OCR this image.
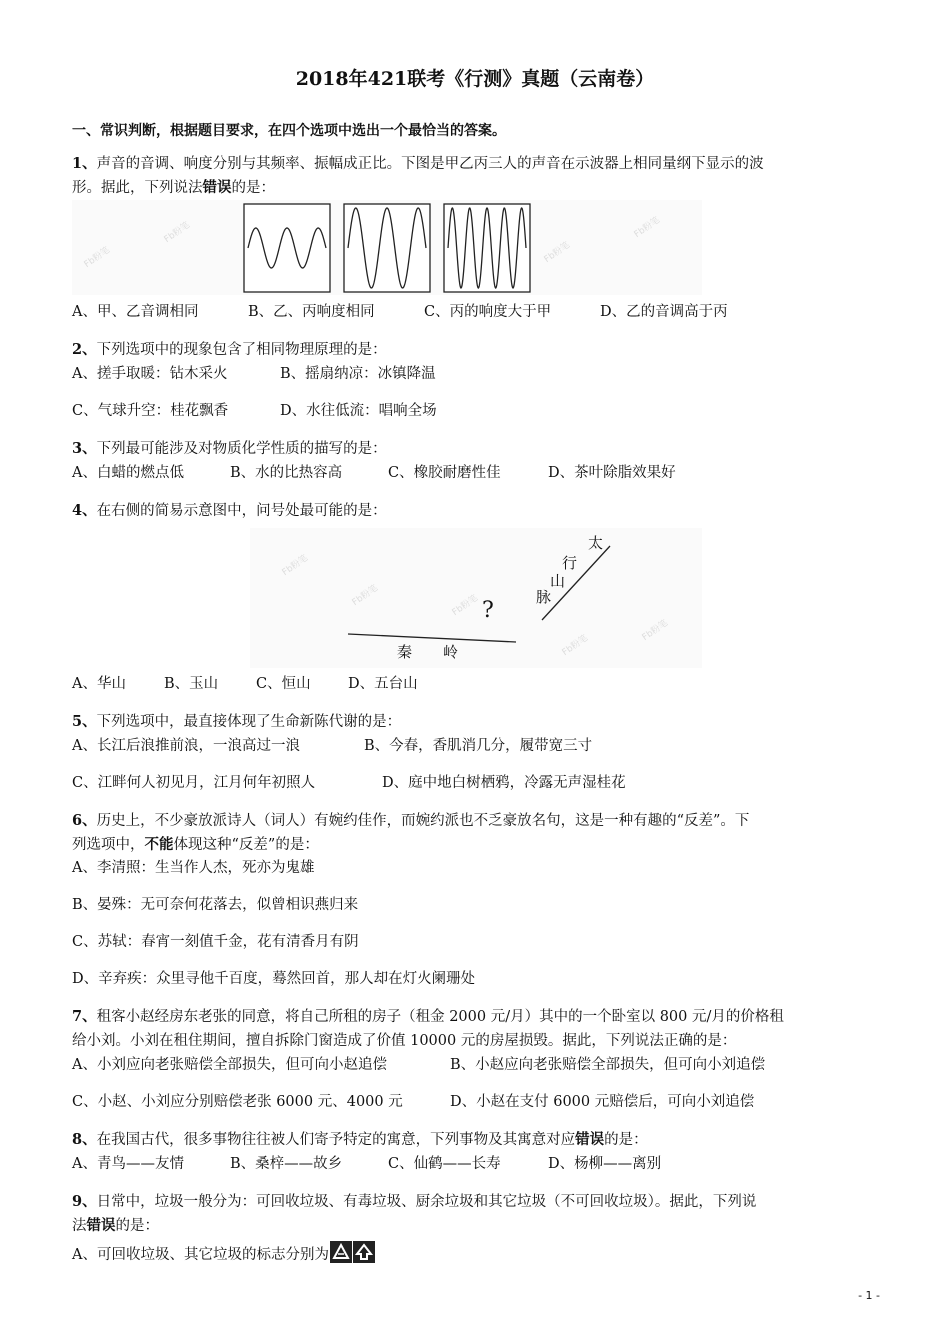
2018年421联考《行测》真题（云南卷）
一、常识判断，根据题目要求，在四个选项中选出一个最恰当的答案。
1、声音的音调、响度分别与其频率、振幅成正比。下图是甲乙丙三人的声音在示波器上相同量纲下显示的波
形。据此，下列说法错误的是：
Fb粉笔
Fb粉笔
Fb粉笔
Fb粉笔
A、甲、乙音调相同	B、乙、丙响度相同	C、丙的响度大于甲	D、乙的音调高于丙
2、下列选项中的现象包含了相同物理原理的是：
A、搓手取暖：钻木采火	B、摇扇纳凉：冰镇降温
C、气球升空：桂花飘香	D、水往低流：唱响全场
3、下列最可能涉及对物质化学性质的描写的是：
A、白蜡的燃点低	B、水的比热容高	C、橡胶耐磨性佳	D、茶叶除脂效果好
4、在右侧的简易示意图中，问号处最可能的是：
Fb粉笔
Fb粉笔	Fb粉笔
Fb粉笔
Fb粉笔
太
行
山
脉
?
秦 岭
A、华山	B、玉山	C、恒山	D、五台山
5、下列选项中，最直接体现了生命新陈代谢的是：
A、长江后浪推前浪，一浪高过一浪	B、今春，香肌消几分，履带宽三寸
C、江畔何人初见月，江月何年初照人	D、庭中地白树栖鸦，冷露无声湿桂花
6、历史上，不少豪放派诗人（词人）有婉约佳作，而婉约派也不乏豪放名句，这是一种有趣的“反差”。下
列选项中，不能体现这种“反差”的是：
A、李清照：生当作人杰，死亦为鬼雄
B、晏殊：无可奈何花落去，似曾相识燕归来
C、苏轼：春宵一刻值千金，花有清香月有阴
D、辛弃疾：众里寻他千百度，蓦然回首，那人却在灯火阑珊处
7、租客小赵经房东老张的同意，将自己所租的房子（租金 2000 元/月）其中的一个卧室以 800 元/月的价格租
给小刘。小刘在租住期间，擅自拆除门窗造成了价值 10000 元的房屋损毁。据此，下列说法正确的是：
A、小刘应向老张赔偿全部损失，但可向小赵追偿	B、小赵应向老张赔偿全部损失，但可向小刘追偿
C、小赵、小刘应分别赔偿老张 6000 元、4000 元	D、小赵在支付 6000 元赔偿后，可向小刘追偿
8、在我国古代，很多事物往往被人们寄予特定的寓意，下列事物及其寓意对应错误的是：
A、青鸟——友情	B、桑梓——故乡	C、仙鹤——长寿	D、杨柳——离别
9、日常中，垃圾一般分为：可回收垃圾、有毒垃圾、厨余垃圾和其它垃圾（不可回收垃圾）。据此，下列说
法错误的是：
A、可回收垃圾、其它垃圾的标志分别为
- 1 -
